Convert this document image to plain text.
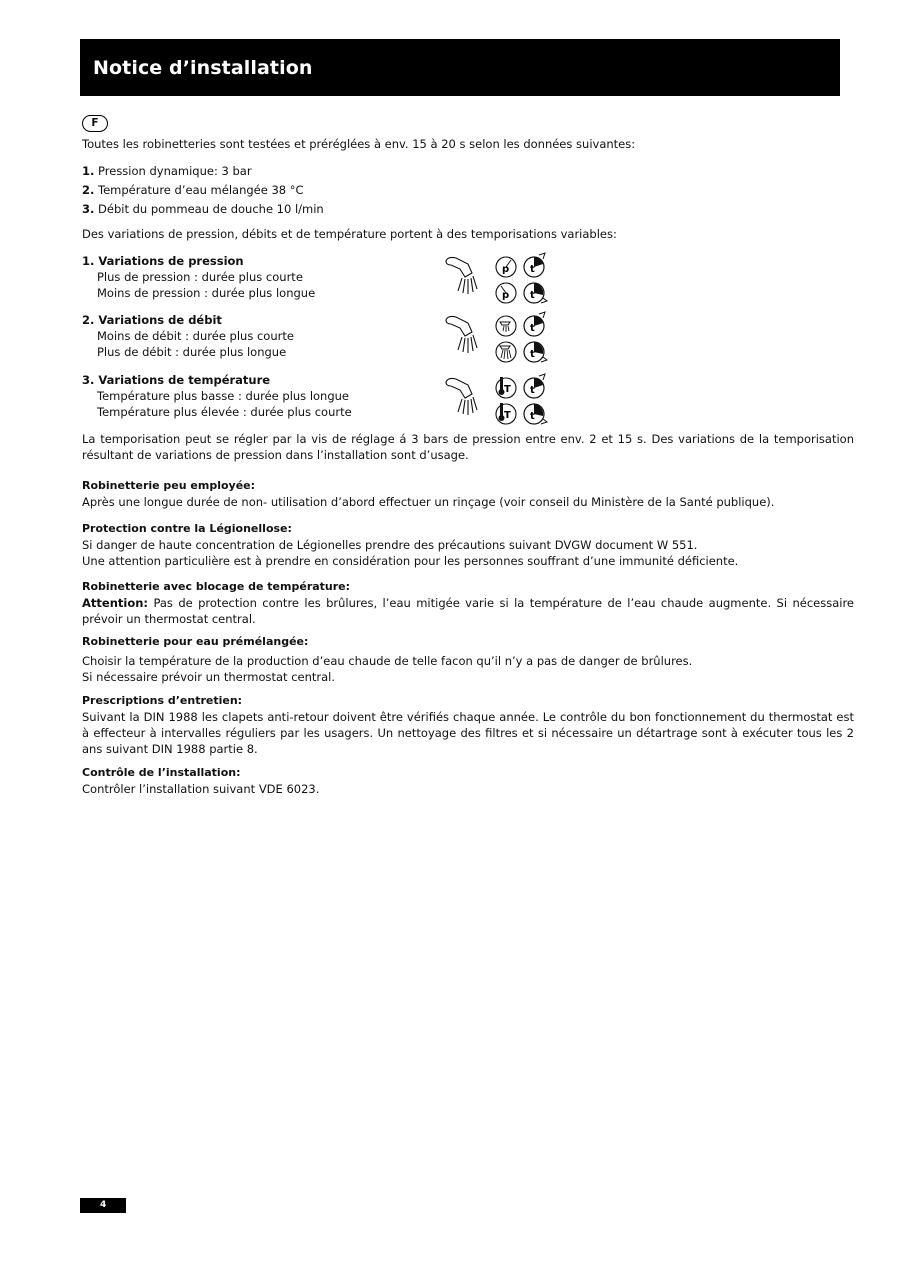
Notice d’installation
F

Toutes les robinetteries sont testées et préréglées à env. 15 à 20 s selon les données suivantes:

1. Pression dynamique: 3 bar
2. Température d’eau mélangée 38 °C
3. Débit du pommeau de douche 10 l/min

Des variations de pression, débits et de température portent à des temporisations variables:

1. Variations de pression
Plus de pression : durée plus courte
Moins de pression : durée plus longue
2. Variations de débit
Moins de débit : durée plus courte
Plus de débit : durée plus longue
3. Variations de température
Température plus basse : durée plus longue
Température plus élevée : durée plus courte
p
p
t
t
t
t
T
T
t
t

La temporisation peut se régler par la vis de réglage á 3 bars de pression entre env. 2 et 15 s. Des variations de la temporisation résultant de variations de pression dans l’installation sont d’usage.

Robinetterie peu employée:
Après une longue durée de non- utilisation d’abord effectuer un rinçage (voir conseil du Ministère de la Santé publique).
Protection contre la Légionellose:
Si danger de haute concentration de Légionelles prendre des précautions suivant DVGW document W 551.
Une attention particulière est à prendre en considération pour les personnes souffrant d’une immunité déficiente.
Robinetterie avec blocage de température:
Attention: Pas de protection contre les brûlures, l’eau mitigée varie si la température de l’eau chaude augmente. Si nécessaire prévoir un thermostat central.
Robinetterie pour eau prémélangée:
Choisir la température de la production d’eau chaude de telle facon qu’il n’y a pas de danger de brûlures.
Si nécessaire prévoir un thermostat central.
Prescriptions d’entretien:
Suivant la DIN 1988 les clapets anti-retour doivent être vérifiés chaque année. Le contrôle du bon fonctionnement du thermostat est à effecteur à intervalles réguliers par les usagers. Un nettoyage des filtres et si nécessaire un détartrage sont à exécuter tous les 2 ans suivant DIN 1988 partie 8.
Contrôle de l’installation:
Contrôler l’installation suivant VDE 6023.
4
